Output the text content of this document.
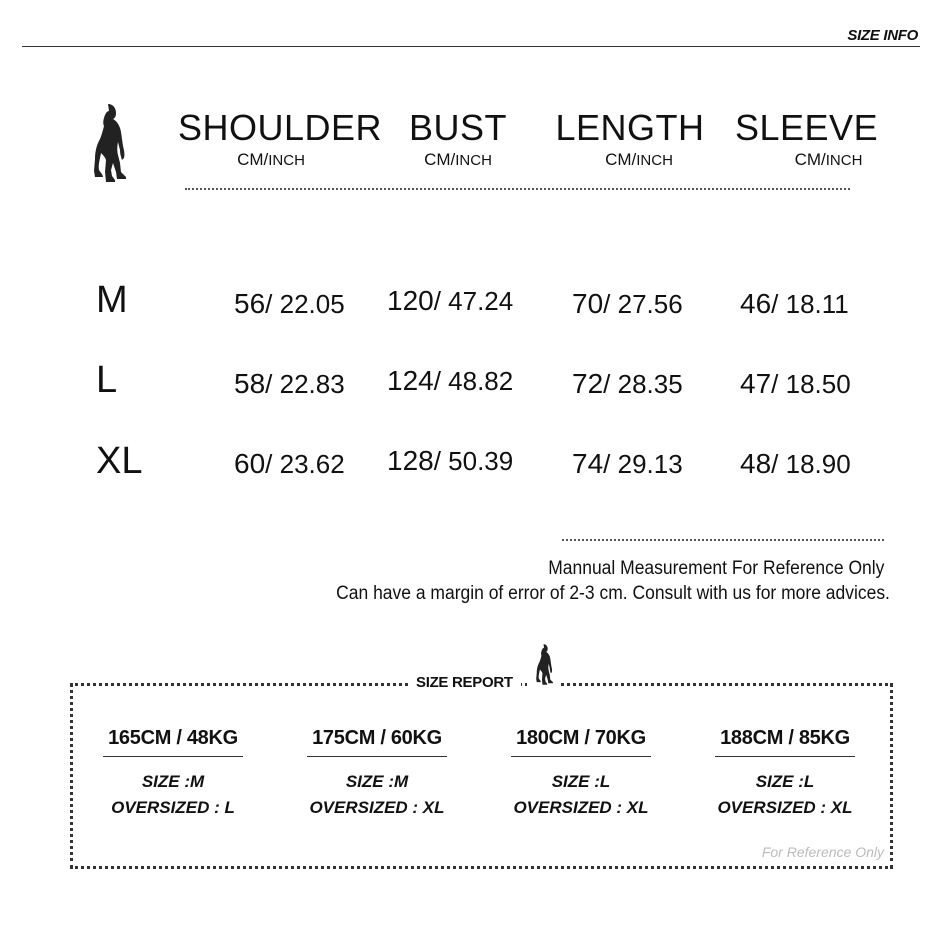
SIZE INFO
SHOULDER
CM/INCH
BUST
CM/INCH
LENGTH
CM/INCH
SLEEVE
CM/INCH
M	56/ 22.05 120/ 47.24 70/ 27.56 46/ 18.11
L	58/ 22.83 124/ 48.82 72/ 28.35 47/ 18.50
XL	60/ 23.62 128/ 50.39 74/ 29.13 48/ 18.90
Mannual Measurement For Reference Only
Can have a margin of error of 2-3 cm. Consult with us for more advices.
SIZE REPORT
165CM / 48KG
SIZE :M
OVERSIZED : L
175CM / 60KG
SIZE :M
OVERSIZED : XL
180CM / 70KG
SIZE :L
OVERSIZED : XL
188CM / 85KG
SIZE :L
OVERSIZED : XL
For Reference Only
